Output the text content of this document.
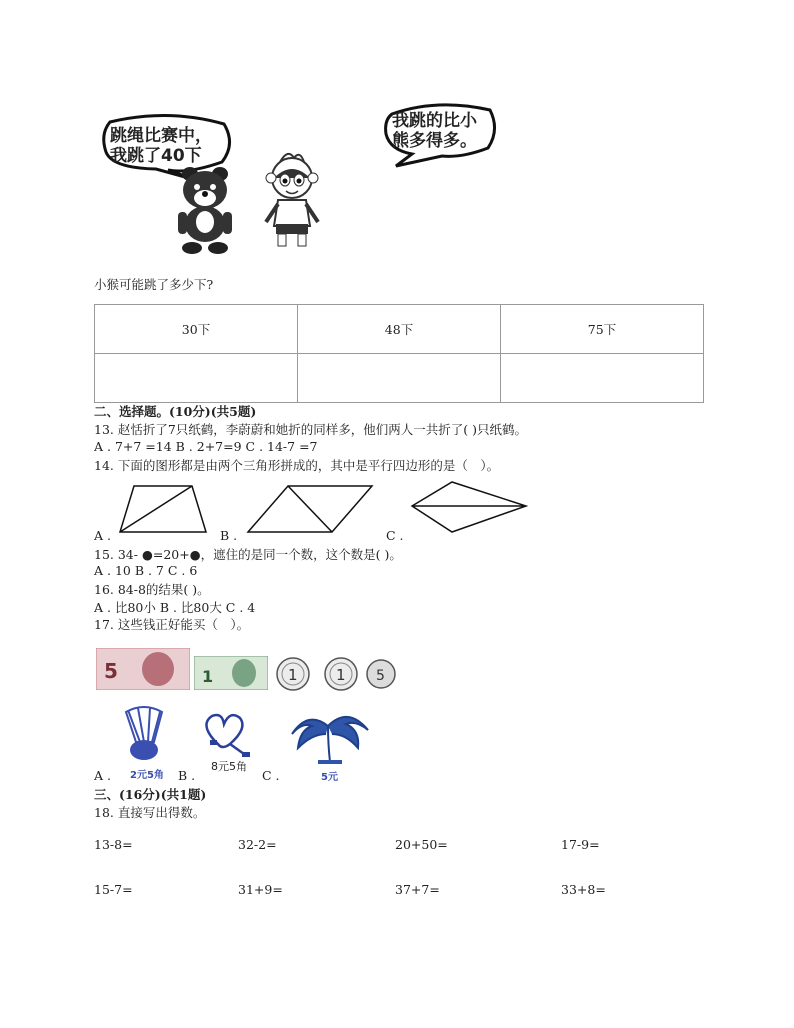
跳绳比赛中，
我跳了40下
我跳的比小
熊多得多。
小猴可能跳了多少下?
30下	48下	75下

二、选择题。(10分)(共5题)
13. 赵恬折了7只纸鹤，李蔚蔚和她折的同样多，他们两人一共折了( )只纸鹤。
A . 7+7 =14 B . 2+7=9 C . 14-7 =7
14. 下面的图形都是由两个三角形拼成的，其中是平行四边形的是（　）。
A .	B .	C .
15. 34- ●=20+●，遮住的是同一个数，这个数是( )。
A . 10 B . 7 C . 6
16. 84-8的结果( )。
A . 比80小 B . 比80大 C . 4
17. 这些钱正好能买（　）。
5	1	1	1 5
2元5角
8元5角
5元
A .	B .	C .
三、(16分)(共1题)
18. 直接写出得数。
13-8=	32-2=	20+50=	17-9=
15-7=	31+9=	37+7=	33+8=
